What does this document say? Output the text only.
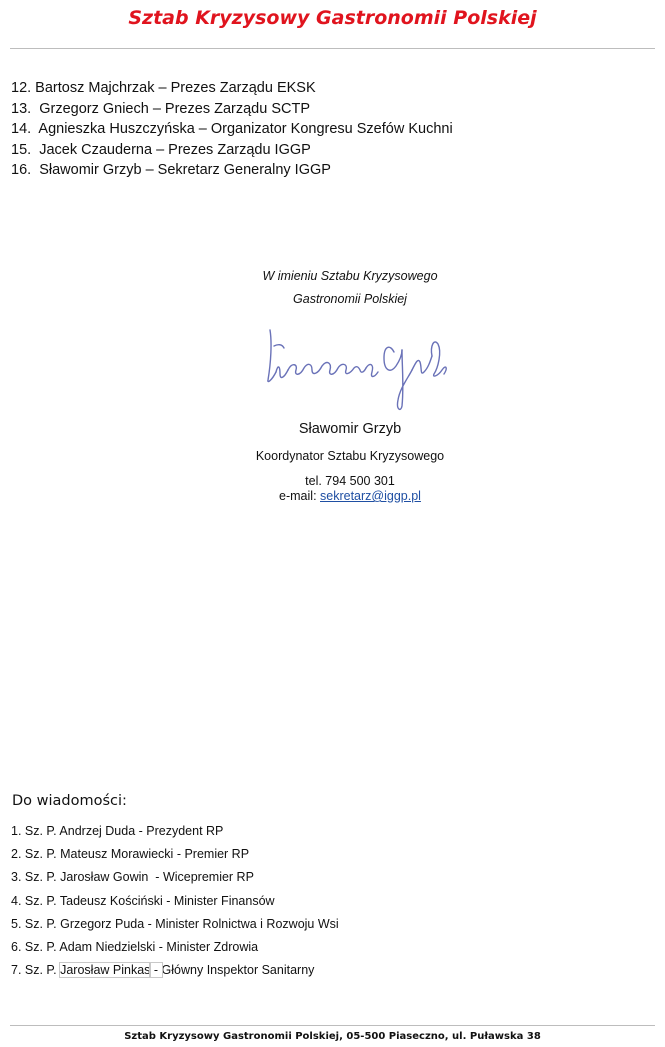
Sztab Kryzysowy Gastronomii Polskiej
12. Bartosz Majchrzak – Prezes Zarządu EKSK
13.  Grzegorz Gniech – Prezes Zarządu SCTP
14.  Agnieszka Huszczyńska – Organizator Kongresu Szefów Kuchni
15.  Jacek Czauderna – Prezes Zarządu IGGP
16.  Sławomir Grzyb – Sekretarz Generalny IGGP
W imieniu Sztabu Kryzysowego
Gastronomii Polskiej
Sławomir Grzyb
Koordynator Sztabu Kryzysowego
tel. 794 500 301
e-mail: sekretarz@iggp.pl
Do wiadomości:
1. Sz. P. Andrzej Duda - Prezydent RP
2. Sz. P. Mateusz Morawiecki - Premier RP
3. Sz. P. Jarosław Gowin  - Wicepremier RP
4. Sz. P. Tadeusz Kościński - Minister Finansów
5. Sz. P. Grzegorz Puda - Minister Rolnictwa i Rozwoju Wsi
6. Sz. P. Adam Niedzielski - Minister Zdrowia
7. Sz. P. Jarosław Pinkas - Główny Inspektor Sanitarny
Sztab Kryzysowy Gastronomii Polskiej, 05-500 Piaseczno, ul. Puławska 38
